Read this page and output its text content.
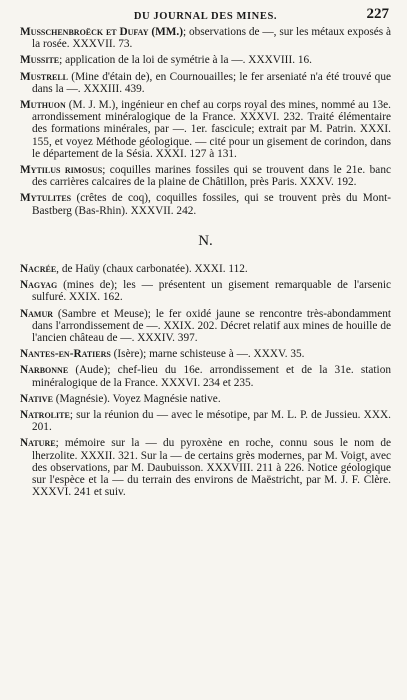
DU JOURNAL DES MINES.	227

Musschenbroëck et Dufay (MM.); observations de —, sur les métaux exposés à la rosée. XXXVII. 73.

Mussite; application de la loi de symétrie à la —. XXXVIII. 16.

Mustrell (Mine d'étain de), en Cournouailles; le fer arseniaté n'a été trouvé que dans la —. XXXIII. 439.

Muthuon (M. J. M.), ingénieur en chef au corps royal des mines, nommé au 13e. arrondissement minéralogique de la France. XXXVI. 232. Traité élémentaire des formations minérales, par —. 1er. fascicule; extrait par M. Patrin. XXXI. 155, et voyez Méthode géologique. — cité pour un gisement de corindon, dans le département de la Sésia. XXXI. 127 à 131.

Mytilus rimosus; coquilles marines fossiles qui se trouvent dans le 21e. banc des carrières calcaires de la plaine de Châtillon, près Paris. XXXV. 192.

Mytulites (crêtes de coq), coquilles fossiles, qui se trouvent près du Mont-Bastberg (Bas-Rhin). XXXVII. 242.

N.

Nacrée, de Haüy (chaux carbonatée). XXXI. 112.

Nagyag (mines de); les — présentent un gisement remarquable de l'arsenic sulfuré. XXIX. 162.

Namur (Sambre et Meuse); le fer oxidé jaune se rencontre très-abondamment dans l'arrondissement de —. XXIX. 202. Décret relatif aux mines de houille de l'ancien château de —. XXXIV. 397.

Nantes-en-Ratiers (Isère); marne schisteuse à —. XXXV. 35.

Narbonne (Aude); chef-lieu du 16e. arrondissement et de la 31e. station minéralogique de la France. XXXVI. 234 et 235.

Native (Magnésie). Voyez Magnésie native.

Natrolite; sur la réunion du — avec le mésotipe, par M. L. P. de Jussieu. XXX. 201.

Nature; mémoire sur la — du pyroxène en roche, connu sous le nom de lherzolite. XXXII. 321. Sur la — de certains grès modernes, par M. Voigt, avec des observations, par M. Daubuisson. XXXVIII. 211 à 226. Notice géologique sur l'espèce et la — du terrain des environs de Maëstricht, par M. J. F. Clère. XXXVI. 241 et suiv.
